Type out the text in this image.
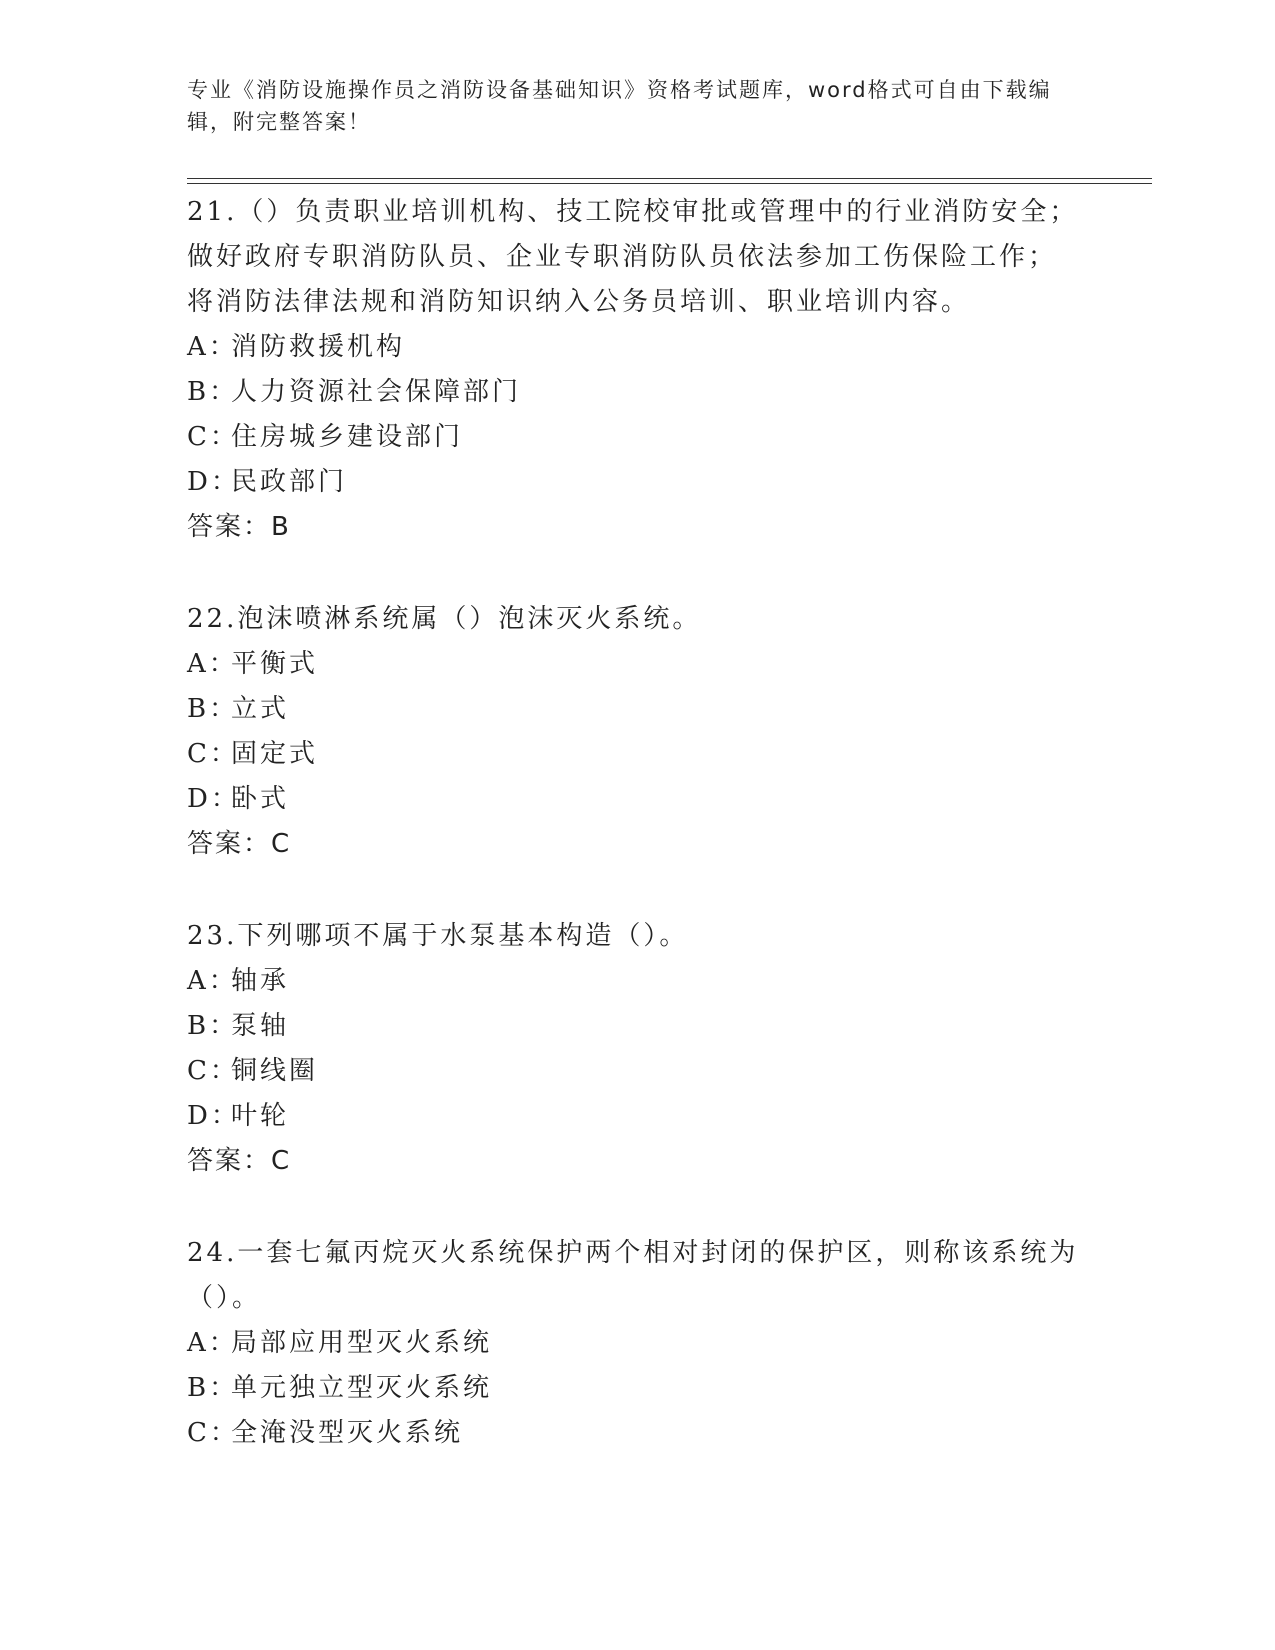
专业《消防设施操作员之消防设备基础知识》资格考试题库，word格式可自由下载编辑，附完整答案！

21.（）负责职业培训机构、技工院校审批或管理中的行业消防安全；

做好政府专职消防队员、企业专职消防队员依法参加工伤保险工作；

将消防法律法规和消防知识纳入公务员培训、职业培训内容。

A：
消防救援机构

B：
人力资源社会保障部门

C：
住房城乡建设部门

D：
民政部门

答案：B

22.泡沫喷淋系统属（）泡沫灭火系统。

A：
平衡式

B：
立式

C：
固定式

D：
卧式

答案：C

23.下列哪项不属于水泵基本构造（）。

A：
轴承

B：
泵轴

C：
铜线圈

D：
叶轮

答案：C

24.一套七氟丙烷灭火系统保护两个相对封闭的保护区，则称该系统为

（）。

A：
局部应用型灭火系统

B：
单元独立型灭火系统

C：
全淹没型灭火系统
